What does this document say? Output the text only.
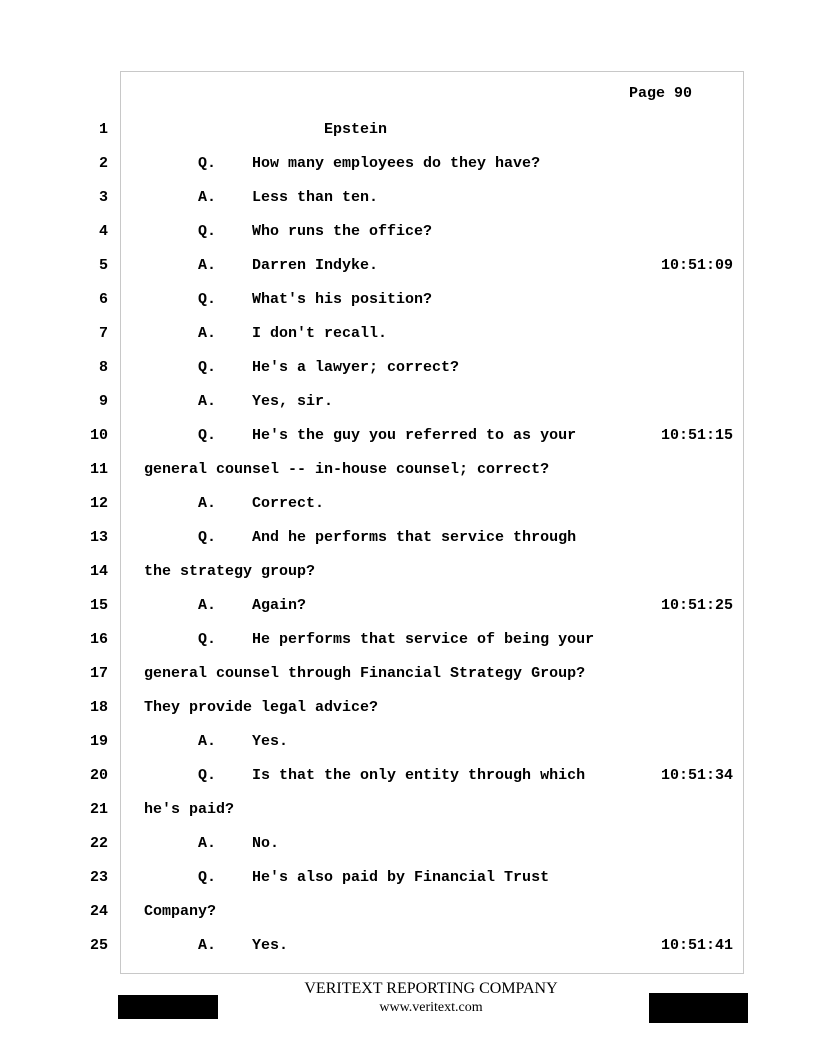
Page 90
1 Epstein
2 Q.    How many employees do they have?
3 A.    Less than ten.
4 Q.    Who runs the office?
5 A.    Darren Indyke.	10:51:09
6 Q.    What's his position?
7 A.    I don't recall.
8 Q.    He's a lawyer; correct?
9 A.    Yes, sir.
10 Q.    He's the guy you referred to as your	10:51:15
11 general counsel -- in-house counsel; correct?
12 A.    Correct.
13 Q.    And he performs that service through
14 the strategy group?
15 A.    Again?	10:51:25
16 Q.    He performs that service of being your
17 general counsel through Financial Strategy Group?
18 They provide legal advice?
19 A.    Yes.
20 Q.    Is that the only entity through which	10:51:34
21 he's paid?
22 A.    No.
23 Q.    He's also paid by Financial Trust
24 Company?
25 A.    Yes.	10:51:41
VERITEXT REPORTING COMPANY
www.veritext.com
